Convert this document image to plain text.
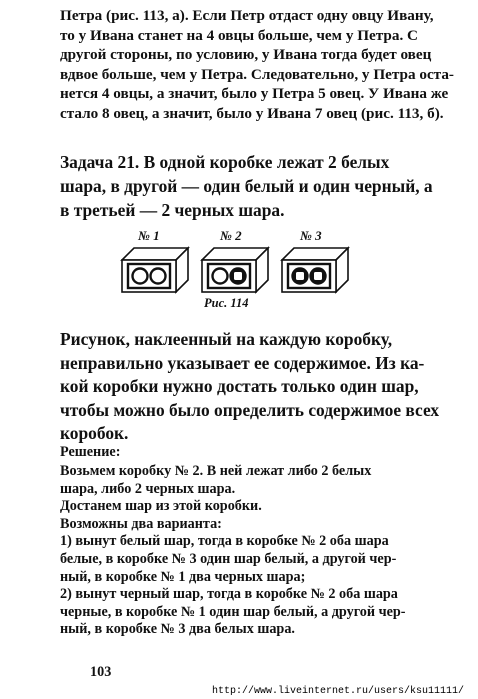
Петра (рис. 113, а). Если Петр отдаст одну овцу Ивану,
то у Ивана станет на 4 овцы больше, чем у Петра. С
другой стороны, по условию, у Ивана тогда будет овец
вдвое больше, чем у Петра. Следовательно, у Петра оста-
нется 4 овцы, а значит, было у Петра 5 овец. У Ивана же
стало 8 овец, а значит, было у Ивана 7 овец (рис. 113, б).
Задача 21. В одной коробке лежат 2 белых
шара, в другой — один белый и один черный, а
в третьей — 2 черных шара.
№ 1	№ 2	№ 3
Рис. 114
Рисунок, наклеенный на каждую коробку,
неправильно указывает ее содержимое. Из ка-
кой коробки нужно достать только один шар,
чтобы можно было определить содержимое всех
коробок.
Решение:
Возьмем коробку № 2. В ней лежат либо 2 белых
шара, либо 2 черных шара.
Достанем шар из этой коробки.
Возможны два варианта:
1) вынут белый шар, тогда в коробке № 2 оба шара
белые, в коробке № 3 один шар белый, а другой чер-
ный, в коробке № 1 два черных шара;
2) вынут черный шар, тогда в коробке № 2 оба шара
черные, в коробке № 1 один шар белый, а другой чер-
ный, в коробке № 3 два белых шара.
103
http://www.liveinternet.ru/users/ksu11111/
